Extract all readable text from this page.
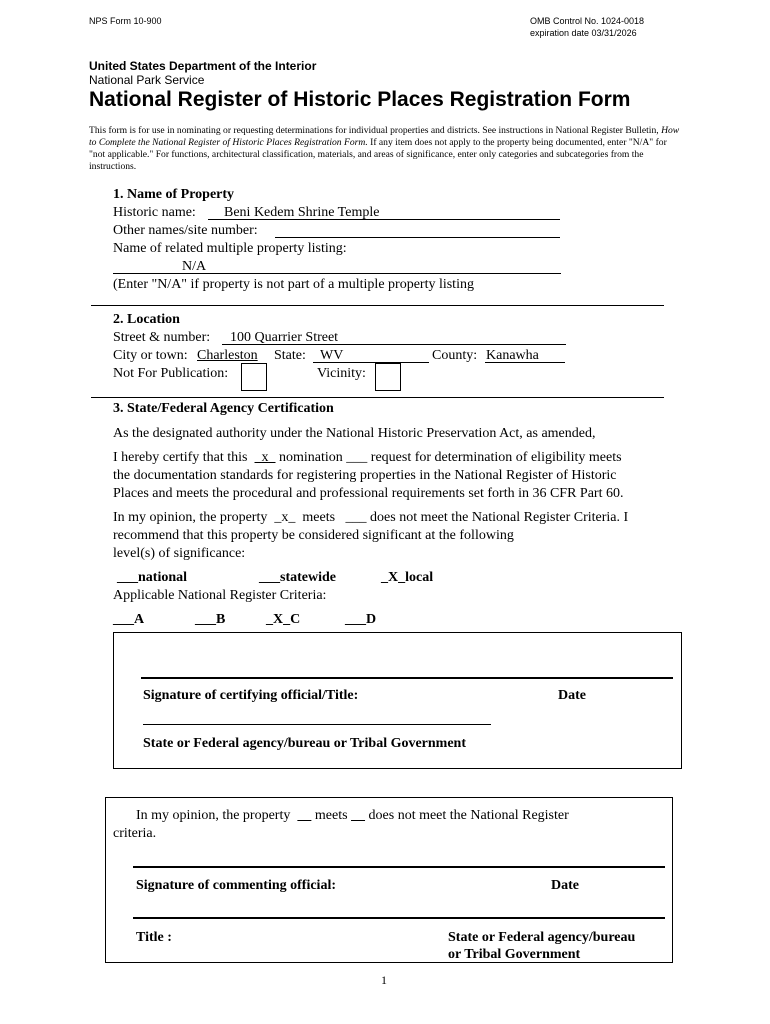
NPS Form 10-900	OMB Control No. 1024-0018
expiration date 03/31/2026
United States Department of the Interior
National Park Service
National Register of Historic Places Registration Form
This form is for use in nominating or requesting determinations for individual properties and districts. See instructions in National Register Bulletin, How to Complete the National Register of Historic Places Registration Form. If any item does not apply to the property being documented, enter "N/A" for "not applicable." For functions, architectural classification, materials, and areas of significance, enter only categories and subcategories from the instructions.
1. Name of Property
Historic name: Beni Kedem Shrine Temple
Other names/site number:
Name of related multiple property listing:
N/A
(Enter "N/A" if property is not part of a multiple property listing
2. Location
Street & number: 100 Quarrier Street
City or town: Charleston State: WV	County: Kanawha
Not For Publication:	Vicinity:
3. State/Federal Agency Certification
As the designated authority under the National Historic Preservation Act, as amended,
I hereby certify that this x nomination ___ request for determination of eligibility meets
the documentation standards for registering properties in the National Register of Historic
Places and meets the procedural and professional requirements set forth in 36 CFR Part 60.
In my opinion, the property _x_ meets ___ does not meet the National Register Criteria. I
recommend that this property be considered significant at the following
level(s) of significance:
___national	___statewide	_X_local
Applicable National Register Criteria:
___A	___B	_X_C	___D
Signature of certifying official/Title:	Date
State or Federal agency/bureau or Tribal Government
In my opinion, the property meets does not meet the National Register
criteria.
Signature of commenting official:	Date
Title :	State or Federal agency/bureau
or Tribal Government
1
